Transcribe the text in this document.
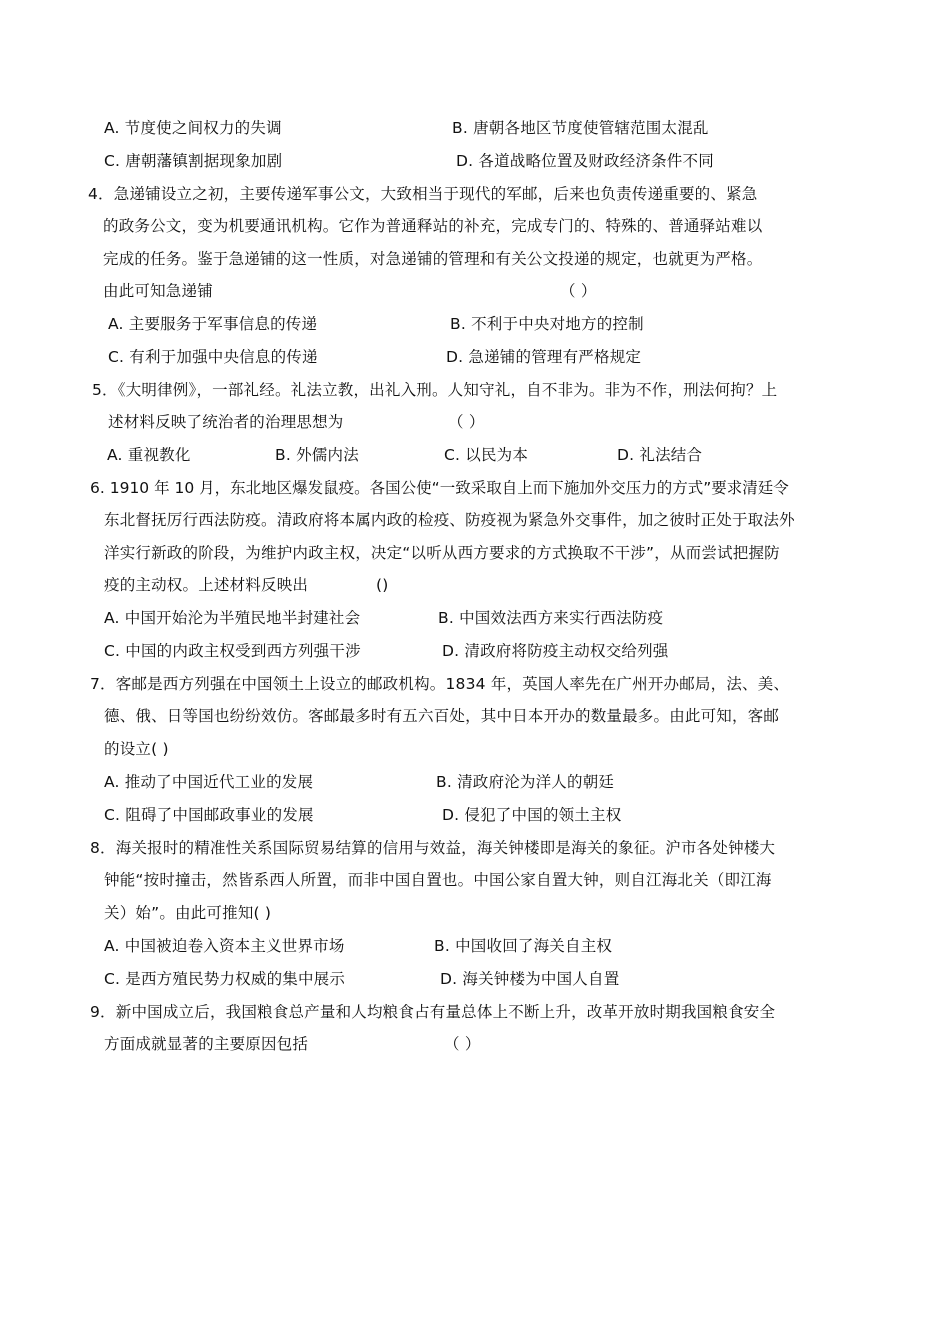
A. 节度使之间权力的失调	B. 唐朝各地区节度使管辖范围太混乱
C. 唐朝藩镇割据现象加剧	D. 各道战略位置及财政经济条件不同
4．急递铺设立之初，主要传递军事公文，大致相当于现代的军邮，后来也负责传递重要的、紧急
的政务公文，变为机要通讯机构。它作为普通释站的补充，完成专门的、特殊的、普通驿站难以
完成的任务。鉴于急递铺的这一性质，对急递铺的管理和有关公文投递的规定，也就更为严格。
由此可知急递铺	（ ）
A. 主要服务于军事信息的传递	B. 不利于中央对地方的控制
C. 有利于加强中央信息的传递	D. 急递铺的管理有严格规定
5．《大明律例》，一部礼经。礼法立教，出礼入刑。人知守礼，自不非为。非为不作，刑法何拘？上
述材料反映了统治者的治理思想为	（ ）
A. 重视教化	B. 外儒内法	C. 以民为本	D. 礼法结合
6. 1910 年 10 月，东北地区爆发鼠疫。各国公使“一致采取自上而下施加外交压力的方式”要求清廷令
东北督抚厉行西法防疫。清政府将本属内政的检疫、防疫视为紧急外交事件，加之彼时正处于取法外
洋实行新政的阶段，为维护内政主权，决定“以听从西方要求的方式换取不干涉”，从而尝试把握防
疫的主动权。上述材料反映出	()
A. 中国开始沦为半殖民地半封建社会	B. 中国效法西方来实行西法防疫
C. 中国的内政主权受到西方列强干涉	D. 清政府将防疫主动权交给列强
7．客邮是西方列强在中国领土上设立的邮政机构。1834 年，英国人率先在广州开办邮局，法、美、
德、俄、日等国也纷纷效仿。客邮最多时有五六百处，其中日本开办的数量最多。由此可知，客邮
的设立( )
A. 推动了中国近代工业的发展	B. 清政府沦为洋人的朝廷
C. 阻碍了中国邮政事业的发展	D. 侵犯了中国的领土主权
8．海关报时的精准性关系国际贸易结算的信用与效益，海关钟楼即是海关的象征。沪市各处钟楼大
钟能“按时撞击，然皆系西人所置，而非中国自置也。中国公家自置大钟，则自江海北关（即江海
关）始”。由此可推知( )
A. 中国被迫卷入资本主义世界市场	B. 中国收回了海关自主权
C. 是西方殖民势力权威的集中展示	D. 海关钟楼为中国人自置
9．新中国成立后，我国粮食总产量和人均粮食占有量总体上不断上升，改革开放时期我国粮食安全
方面成就显著的主要原因包括	（ ）
